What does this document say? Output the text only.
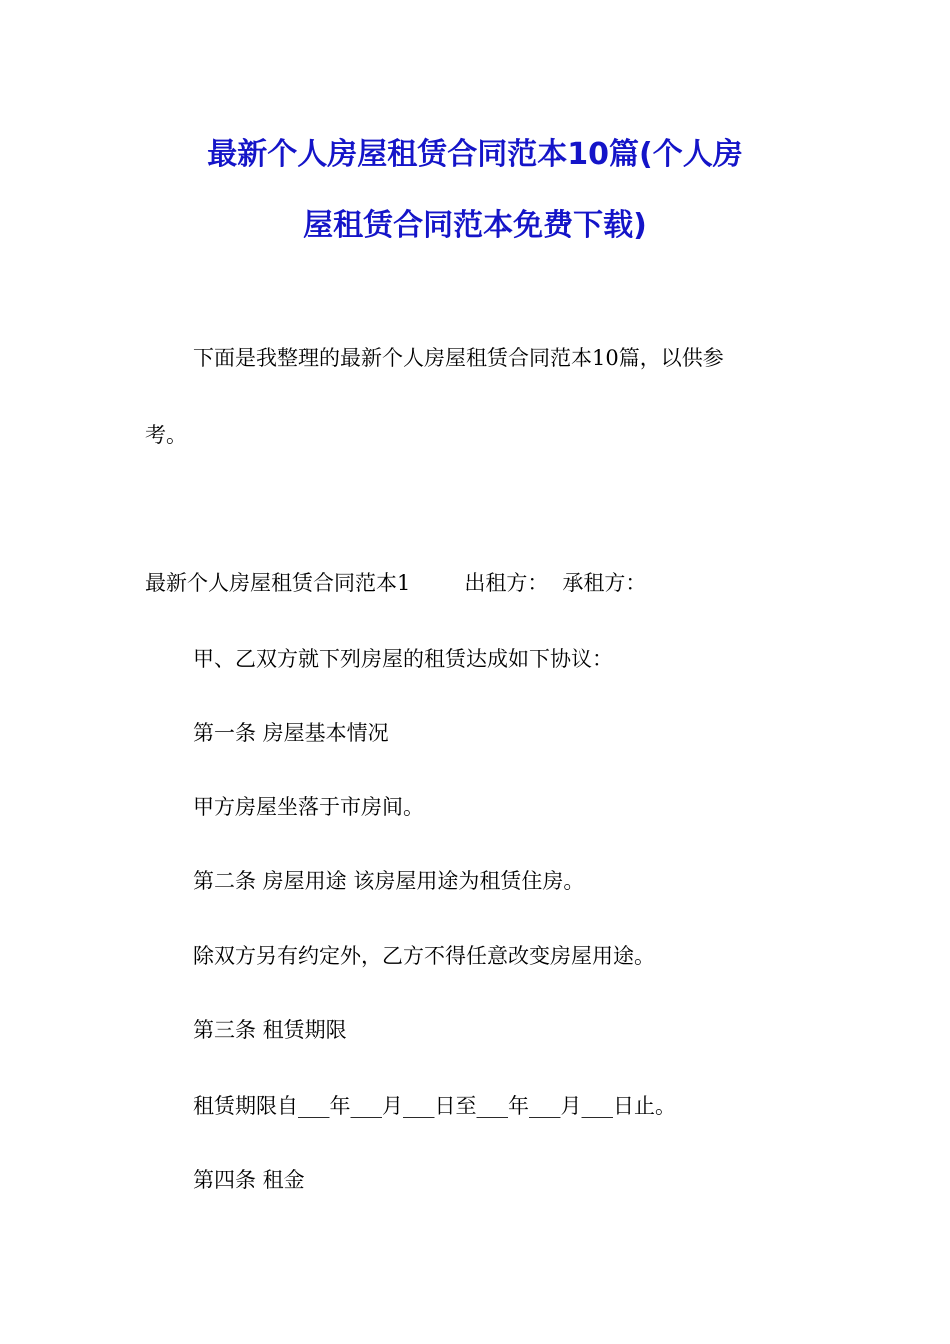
最新个人房屋租赁合同范本10篇(个人房
屋租赁合同范本免费下载)
下面是我整理的最新个人房屋租赁合同范本10篇，以供参
考。
最新个人房屋租赁合同范本1	出租方： 承租方：
甲、乙双方就下列房屋的租赁达成如下协议：
第一条 房屋基本情况
甲方房屋坐落于市房间。
第二条 房屋用途 该房屋用途为租赁住房。
除双方另有约定外，乙方不得任意改变房屋用途。
第三条 租赁期限
租赁期限自___年___月___日至___年___月___日止。
第四条 租金
